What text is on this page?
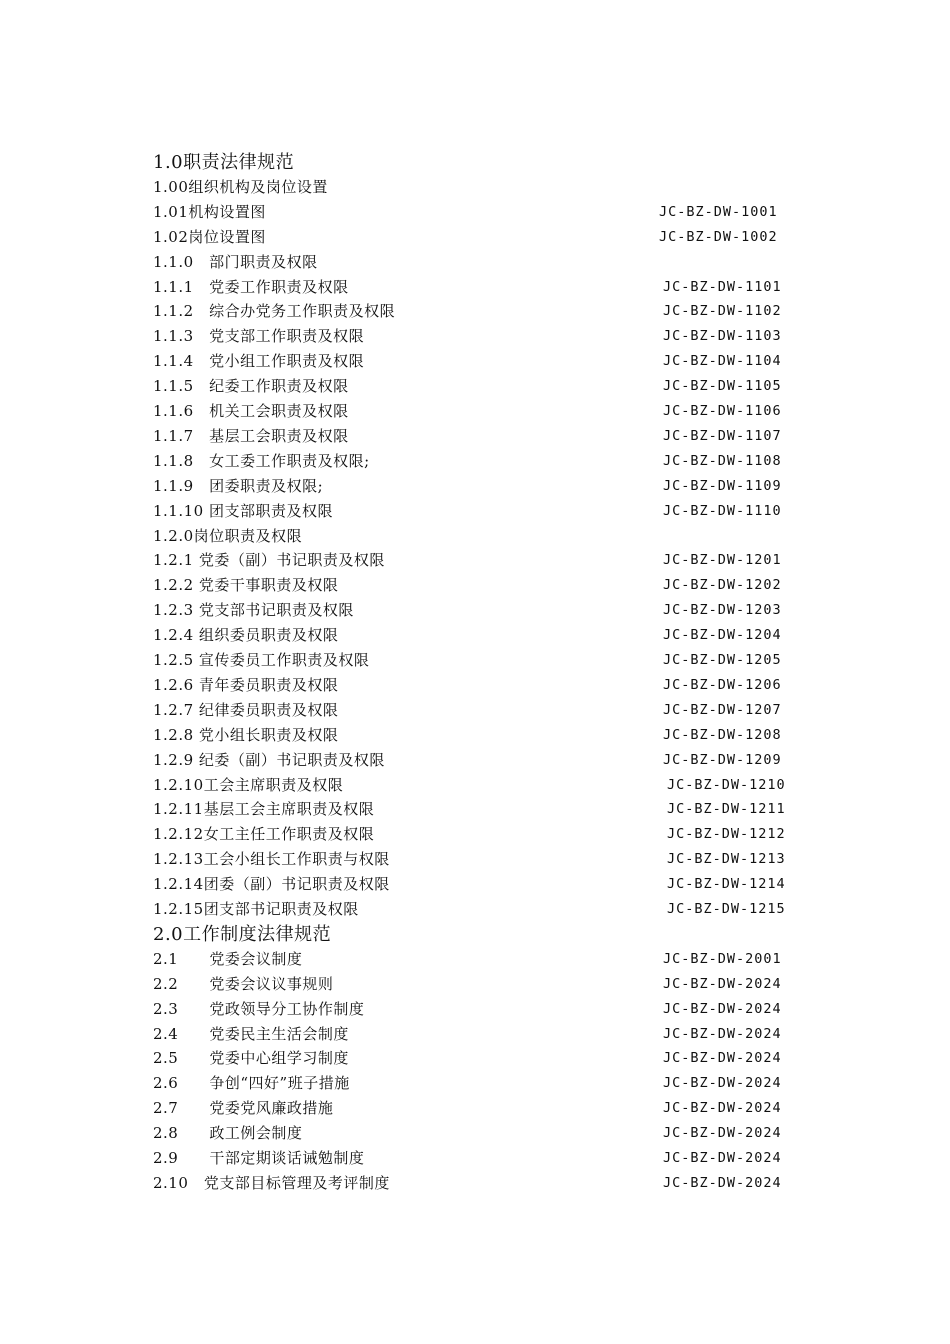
1.0职责法律规范
1.00组织机构及岗位设置
1.01机构设置图	JC-BZ-DW-1001
1.02岗位设置图	JC-BZ-DW-1002
1.1.0　部门职责及权限
1.1.1　党委工作职责及权限	JC-BZ-DW-1101
1.1.2　综合办党务工作职责及权限	JC-BZ-DW-1102
1.1.3　党支部工作职责及权限	JC-BZ-DW-1103
1.1.4　党小组工作职责及权限	JC-BZ-DW-1104
1.1.5　纪委工作职责及权限	JC-BZ-DW-1105
1.1.6　机关工会职责及权限	JC-BZ-DW-1106
1.1.7　基层工会职责及权限	JC-BZ-DW-1107
1.1.8　女工委工作职责及权限;	JC-BZ-DW-1108
1.1.9　团委职责及权限;	JC-BZ-DW-1109
1.1.10 团支部职责及权限	JC-BZ-DW-1110
1.2.0岗位职责及权限
1.2.1 党委（副）书记职责及权限	JC-BZ-DW-1201
1.2.2 党委干事职责及权限	JC-BZ-DW-1202
1.2.3 党支部书记职责及权限	JC-BZ-DW-1203
1.2.4 组织委员职责及权限	JC-BZ-DW-1204
1.2.5 宣传委员工作职责及权限	JC-BZ-DW-1205
1.2.6 青年委员职责及权限	JC-BZ-DW-1206
1.2.7 纪律委员职责及权限	JC-BZ-DW-1207
1.2.8 党小组长职责及权限	JC-BZ-DW-1208
1.2.9 纪委（副）书记职责及权限	JC-BZ-DW-1209
1.2.10工会主席职责及权限	JC-BZ-DW-1210
1.2.11基层工会主席职责及权限	JC-BZ-DW-1211
1.2.12女工主任工作职责及权限	JC-BZ-DW-1212
1.2.13工会小组长工作职责与权限	JC-BZ-DW-1213
1.2.14团委（副）书记职责及权限	JC-BZ-DW-1214
1.2.15团支部书记职责及权限	JC-BZ-DW-1215
2.0工作制度法律规范
2.1　　党委会议制度	JC-BZ-DW-2001
2.2　　党委会议议事规则	JC-BZ-DW-2024
2.3　　党政领导分工协作制度	JC-BZ-DW-2024
2.4　　党委民主生活会制度	JC-BZ-DW-2024
2.5　　党委中心组学习制度	JC-BZ-DW-2024
2.6　　争创“四好”班子措施	JC-BZ-DW-2024
2.7　　党委党风廉政措施	JC-BZ-DW-2024
2.8　　政工例会制度	JC-BZ-DW-2024
2.9　　干部定期谈话诫勉制度	JC-BZ-DW-2024
2.10　党支部目标管理及考评制度	JC-BZ-DW-2024
